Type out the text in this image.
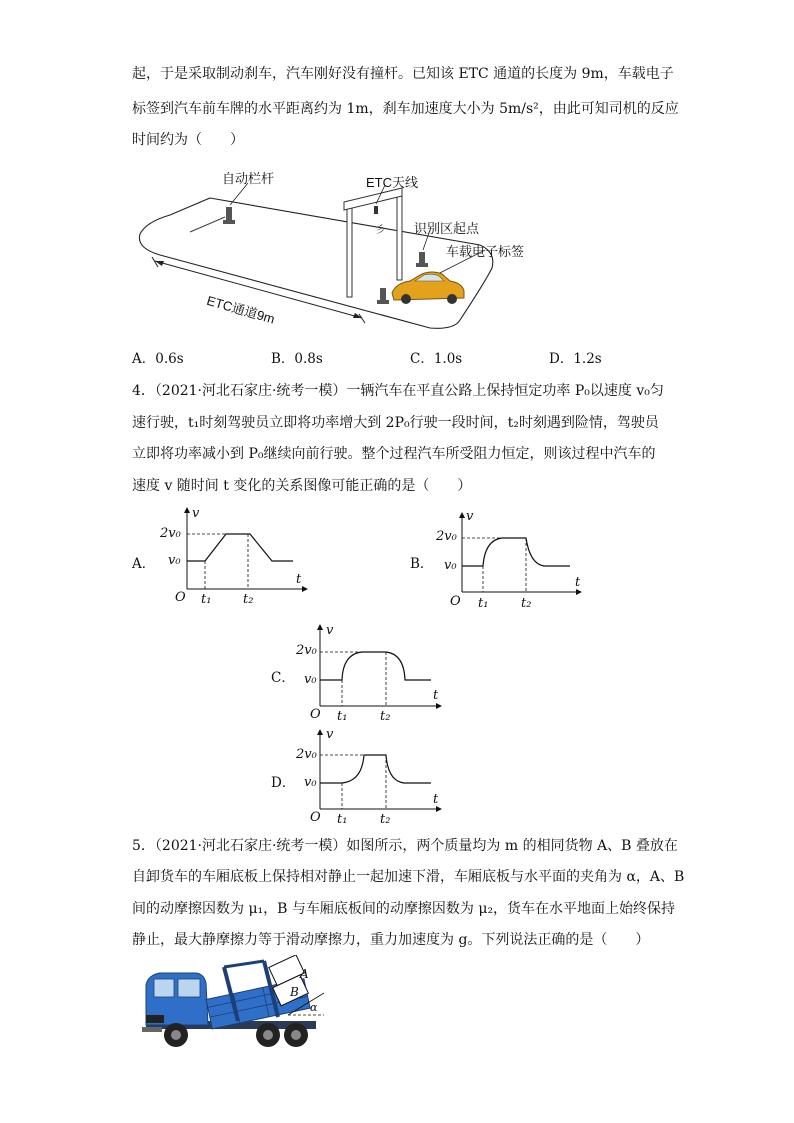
起，于是采取制动刹车，汽车刚好没有撞杆。已知该 ETC 通道的长度为 9m，车载电子
标签到汽车前车牌的水平距离约为 1m，刹车加速度大小为 5m/s²，由此可知司机的反应
时间约为（　　）
彡
自动栏杆	ETC天线
识别区起点
车载电子标签
ETC通道9m
A．0.6s	B．0.8s	C．1.0s	D．1.2s
4．（2021·河北石家庄·统考一模）一辆汽车在平直公路上保持恒定功率 P₀以速度 v₀匀
速行驶，t₁时刻驾驶员立即将功率增大到 2P₀行驶一段时间，t₂时刻遇到险情，驾驶员
立即将功率减小到 P₀继续向前行驶。整个过程汽车所受阻力恒定，则该过程中汽车的
速度 v 随时间 t 变化的关系图像可能正确的是（　　）
A．
v
2v₀
v₀
t
O t₁ t₂
B．
v
2v₀
v₀
t
O t₁	t₂
C．
v
2v₀
v₀
t
O t₁	t₂
D．
v
2v₀
v₀
t
O t₁	t₂
5．（2021·河北石家庄·统考一模）如图所示，两个质量均为 m 的相同货物 A、B 叠放在
自卸货车的车厢底板上保持相对静止一起加速下滑，车厢底板与水平面的夹角为 α，A、B
间的动摩擦因数为 μ₁，B 与车厢底板间的动摩擦因数为 μ₂，货车在水平地面上始终保持
静止，最大静摩擦力等于滑动摩擦力，重力加速度为 g。下列说法正确的是（　　）
A
B
α
